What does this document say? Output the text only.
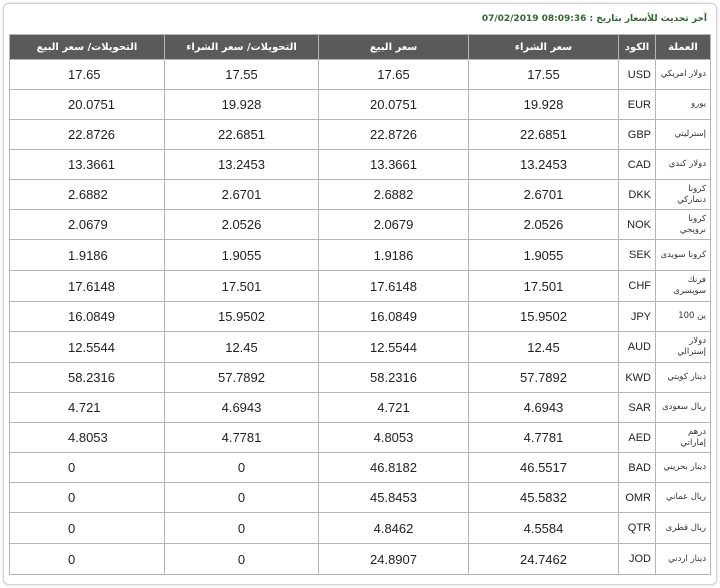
آخر تحديث للأسعار بتاريخ : 07/02/2019 08:09:36
العملة	الكود	سعر الشراء	سعر البيع	التحويلات/ سعر الشراء	التحويلات/ سعر البيع
دولار امريكي	USD	17.55	17.65	17.55	17.65
يورو	EUR	19.928	20.0751	19.928	20.0751
إسترليني	GBP	22.6851	22.8726	22.6851	22.8726
دولار كندي	CAD	13.2453	13.3661	13.2453	13.3661
كرونا دنماركي	DKK	2.6701	2.6882	2.6701	2.6882
كرونا نرويجي	NOK	2.0526	2.0679	2.0526	2.0679
كرونا سويدى	SEK	1.9055	1.9186	1.9055	1.9186
فرنك سويسرى	CHF	17.501	17.6148	17.501	17.6148
ين 100	JPY	15.9502	16.0849	15.9502	16.0849
دولار إسترالي	AUD	12.45	12.5544	12.45	12.5544
دينار كويتي	KWD	57.7892	58.2316	57.7892	58.2316
ريال سعودى	SAR	4.6943	4.721	4.6943	4.721
درهم إماراتي	AED	4.7781	4.8053	4.7781	4.8053
دينار بحريني	BAD	46.5517	46.8182	0	0
ريال عماني	OMR	45.5832	45.8453	0	0
ريال قطرى	QTR	4.5584	4.8462	0	0
دينار اردني	JOD	24.7462	24.8907	0	0
